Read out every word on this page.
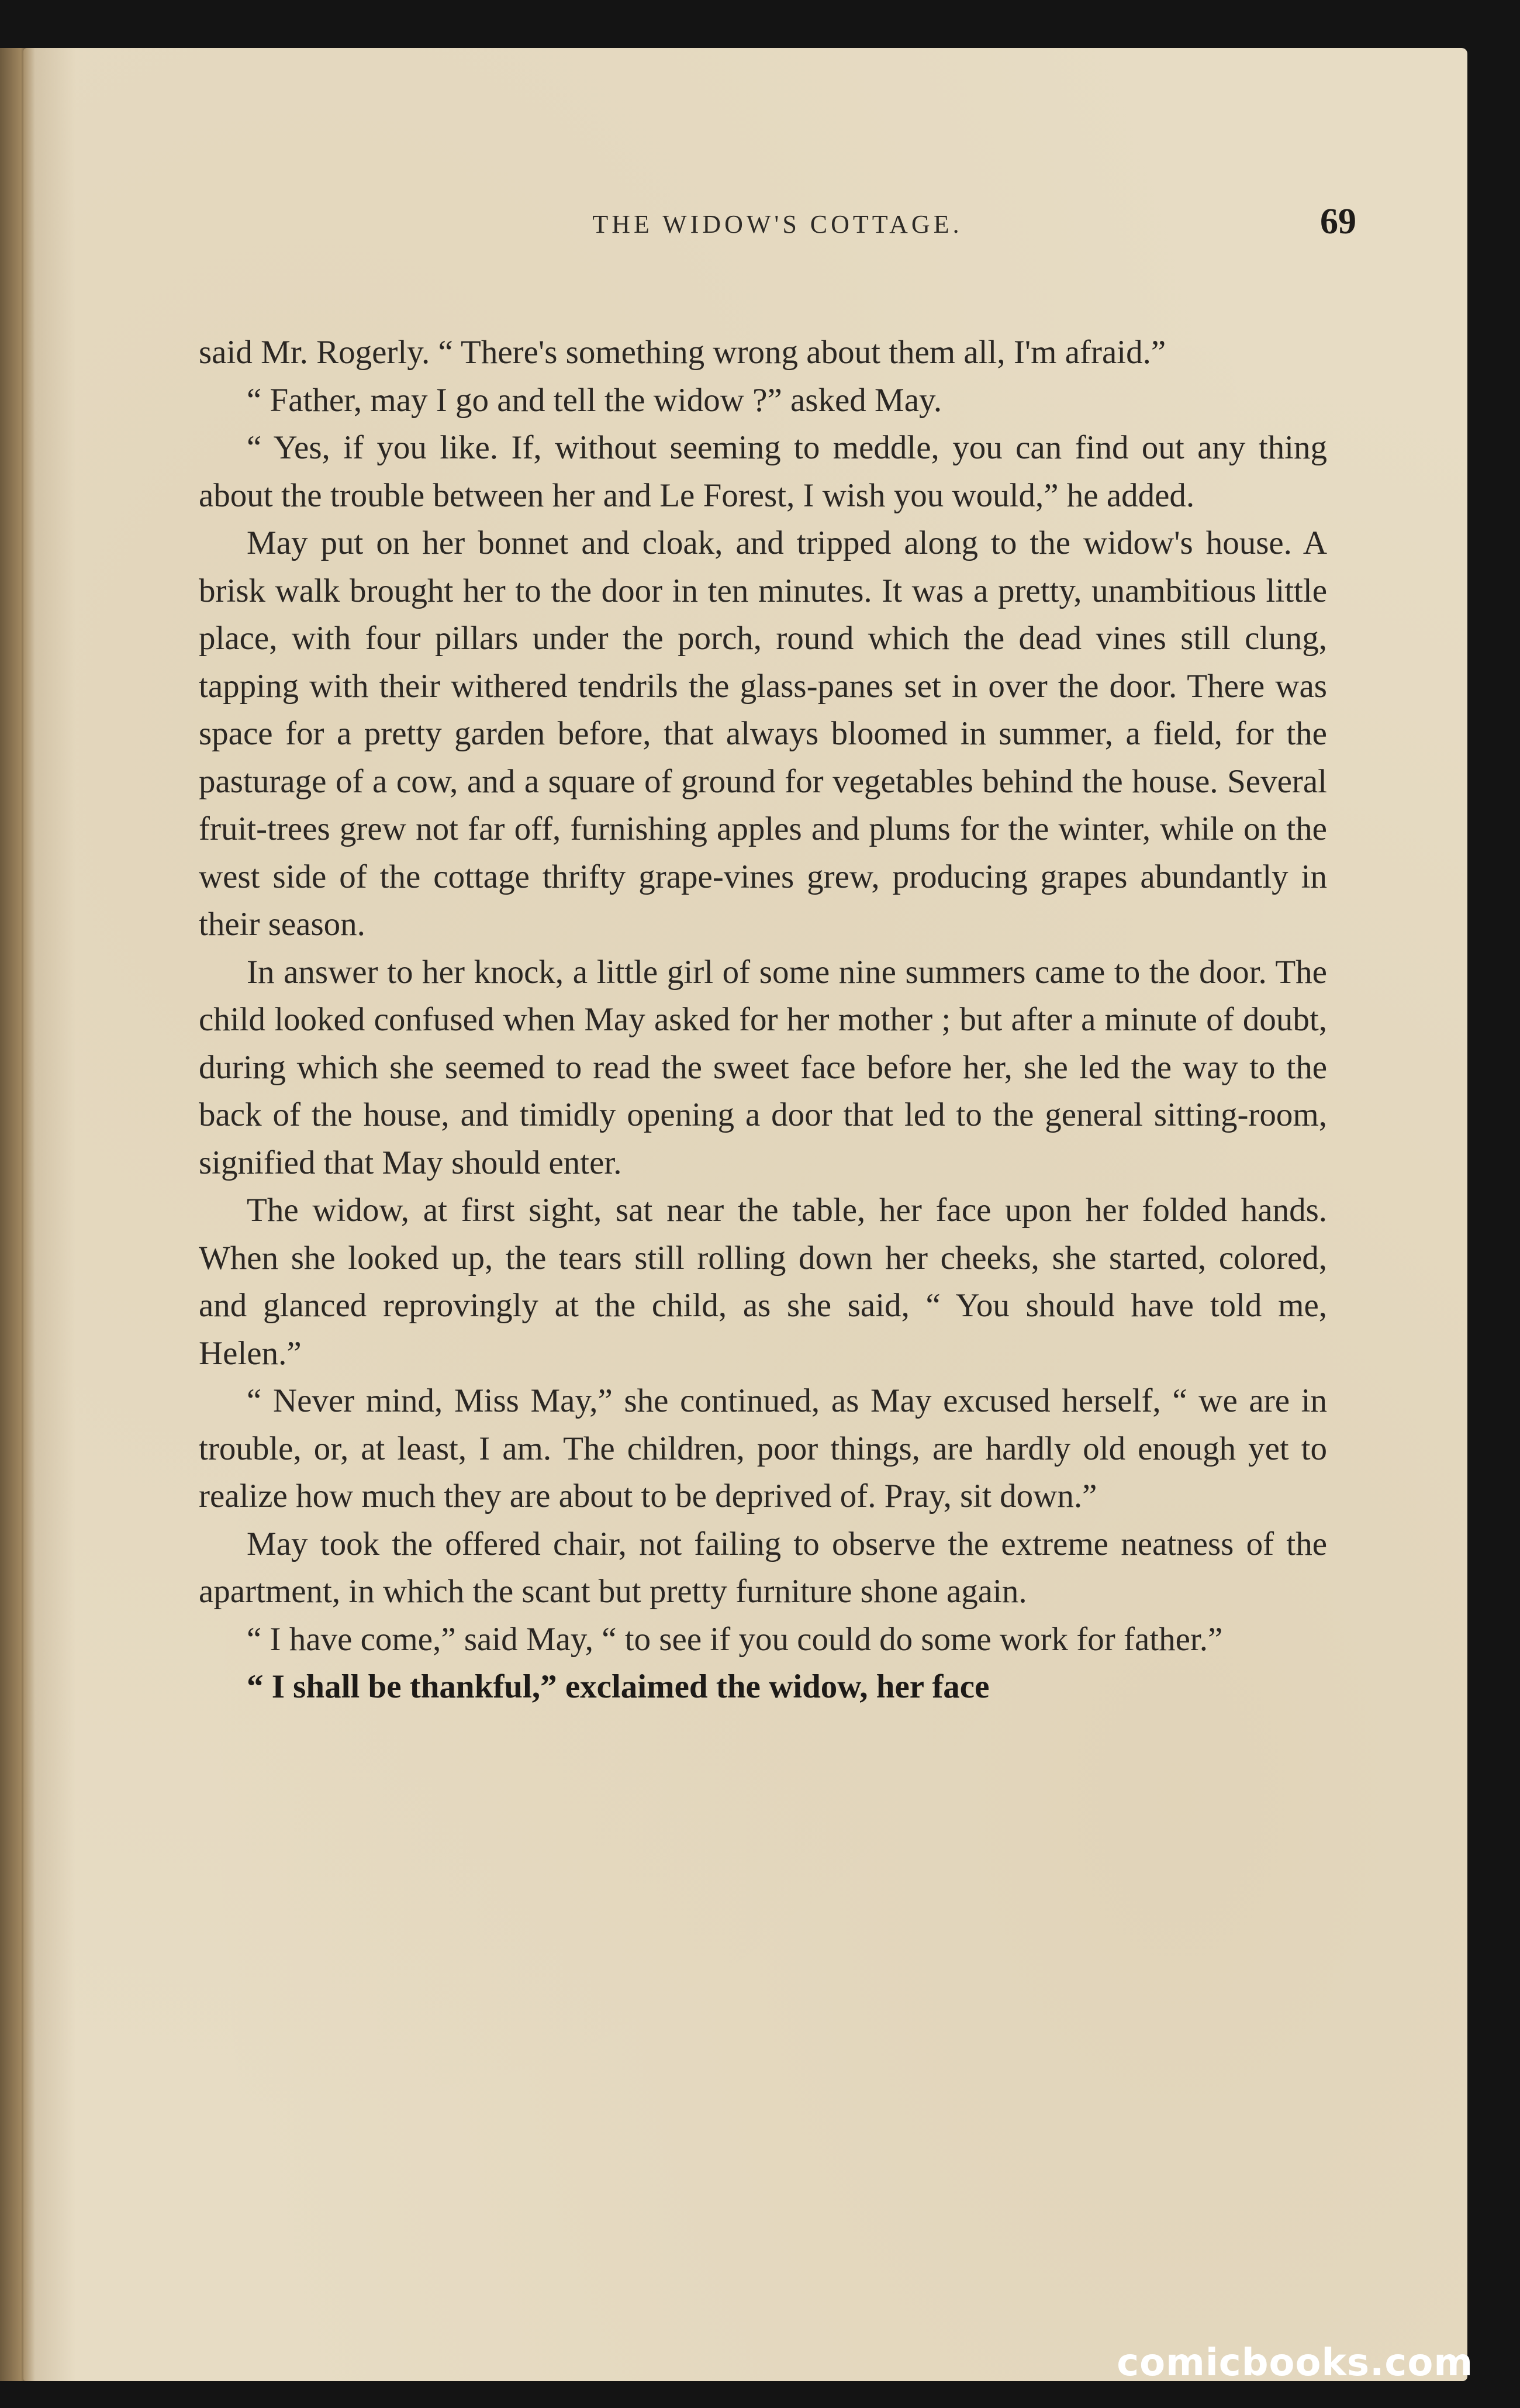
THE WIDOW'S COTTAGE.	69

said Mr. Rogerly. “ There's something wrong about them all, I'm afraid.”

“ Father, may I go and tell the widow ?” asked May.

“ Yes, if you like. If, without seeming to meddle, you can find out any thing about the trouble between her and Le Forest, I wish you would,” he added.

May put on her bonnet and cloak, and tripped along to the widow's house. A brisk walk brought her to the door in ten minutes. It was a pretty, unambitious little place, with four pillars under the porch, round which the dead vines still clung, tapping with their withered tendrils the glass-panes set in over the door. There was space for a pretty garden before, that always bloomed in summer, a field, for the pasturage of a cow, and a square of ground for vegetables behind the house. Several fruit-trees grew not far off, furnishing apples and plums for the winter, while on the west side of the cottage thrifty grape-vines grew, producing grapes abundantly in their season.

In answer to her knock, a little girl of some nine summers came to the door. The child looked confused when May asked for her mother ; but after a minute of doubt, during which she seemed to read the sweet face before her, she led the way to the back of the house, and timidly opening a door that led to the general sitting-room, signified that May should enter.

The widow, at first sight, sat near the table, her face upon her folded hands. When she looked up, the tears still rolling down her cheeks, she started, colored, and glanced reprovingly at the child, as she said, “ You should have told me, Helen.”

“ Never mind, Miss May,” she continued, as May excused herself, “ we are in trouble, or, at least, I am. The children, poor things, are hardly old enough yet to realize how much they are about to be deprived of. Pray, sit down.”

May took the offered chair, not failing to observe the extreme neatness of the apartment, in which the scant but pretty furniture shone again.

“ I have come,” said May, “ to see if you could do some work for father.”

“ I shall be thankful,” exclaimed the widow, her face

comicbooks.com
